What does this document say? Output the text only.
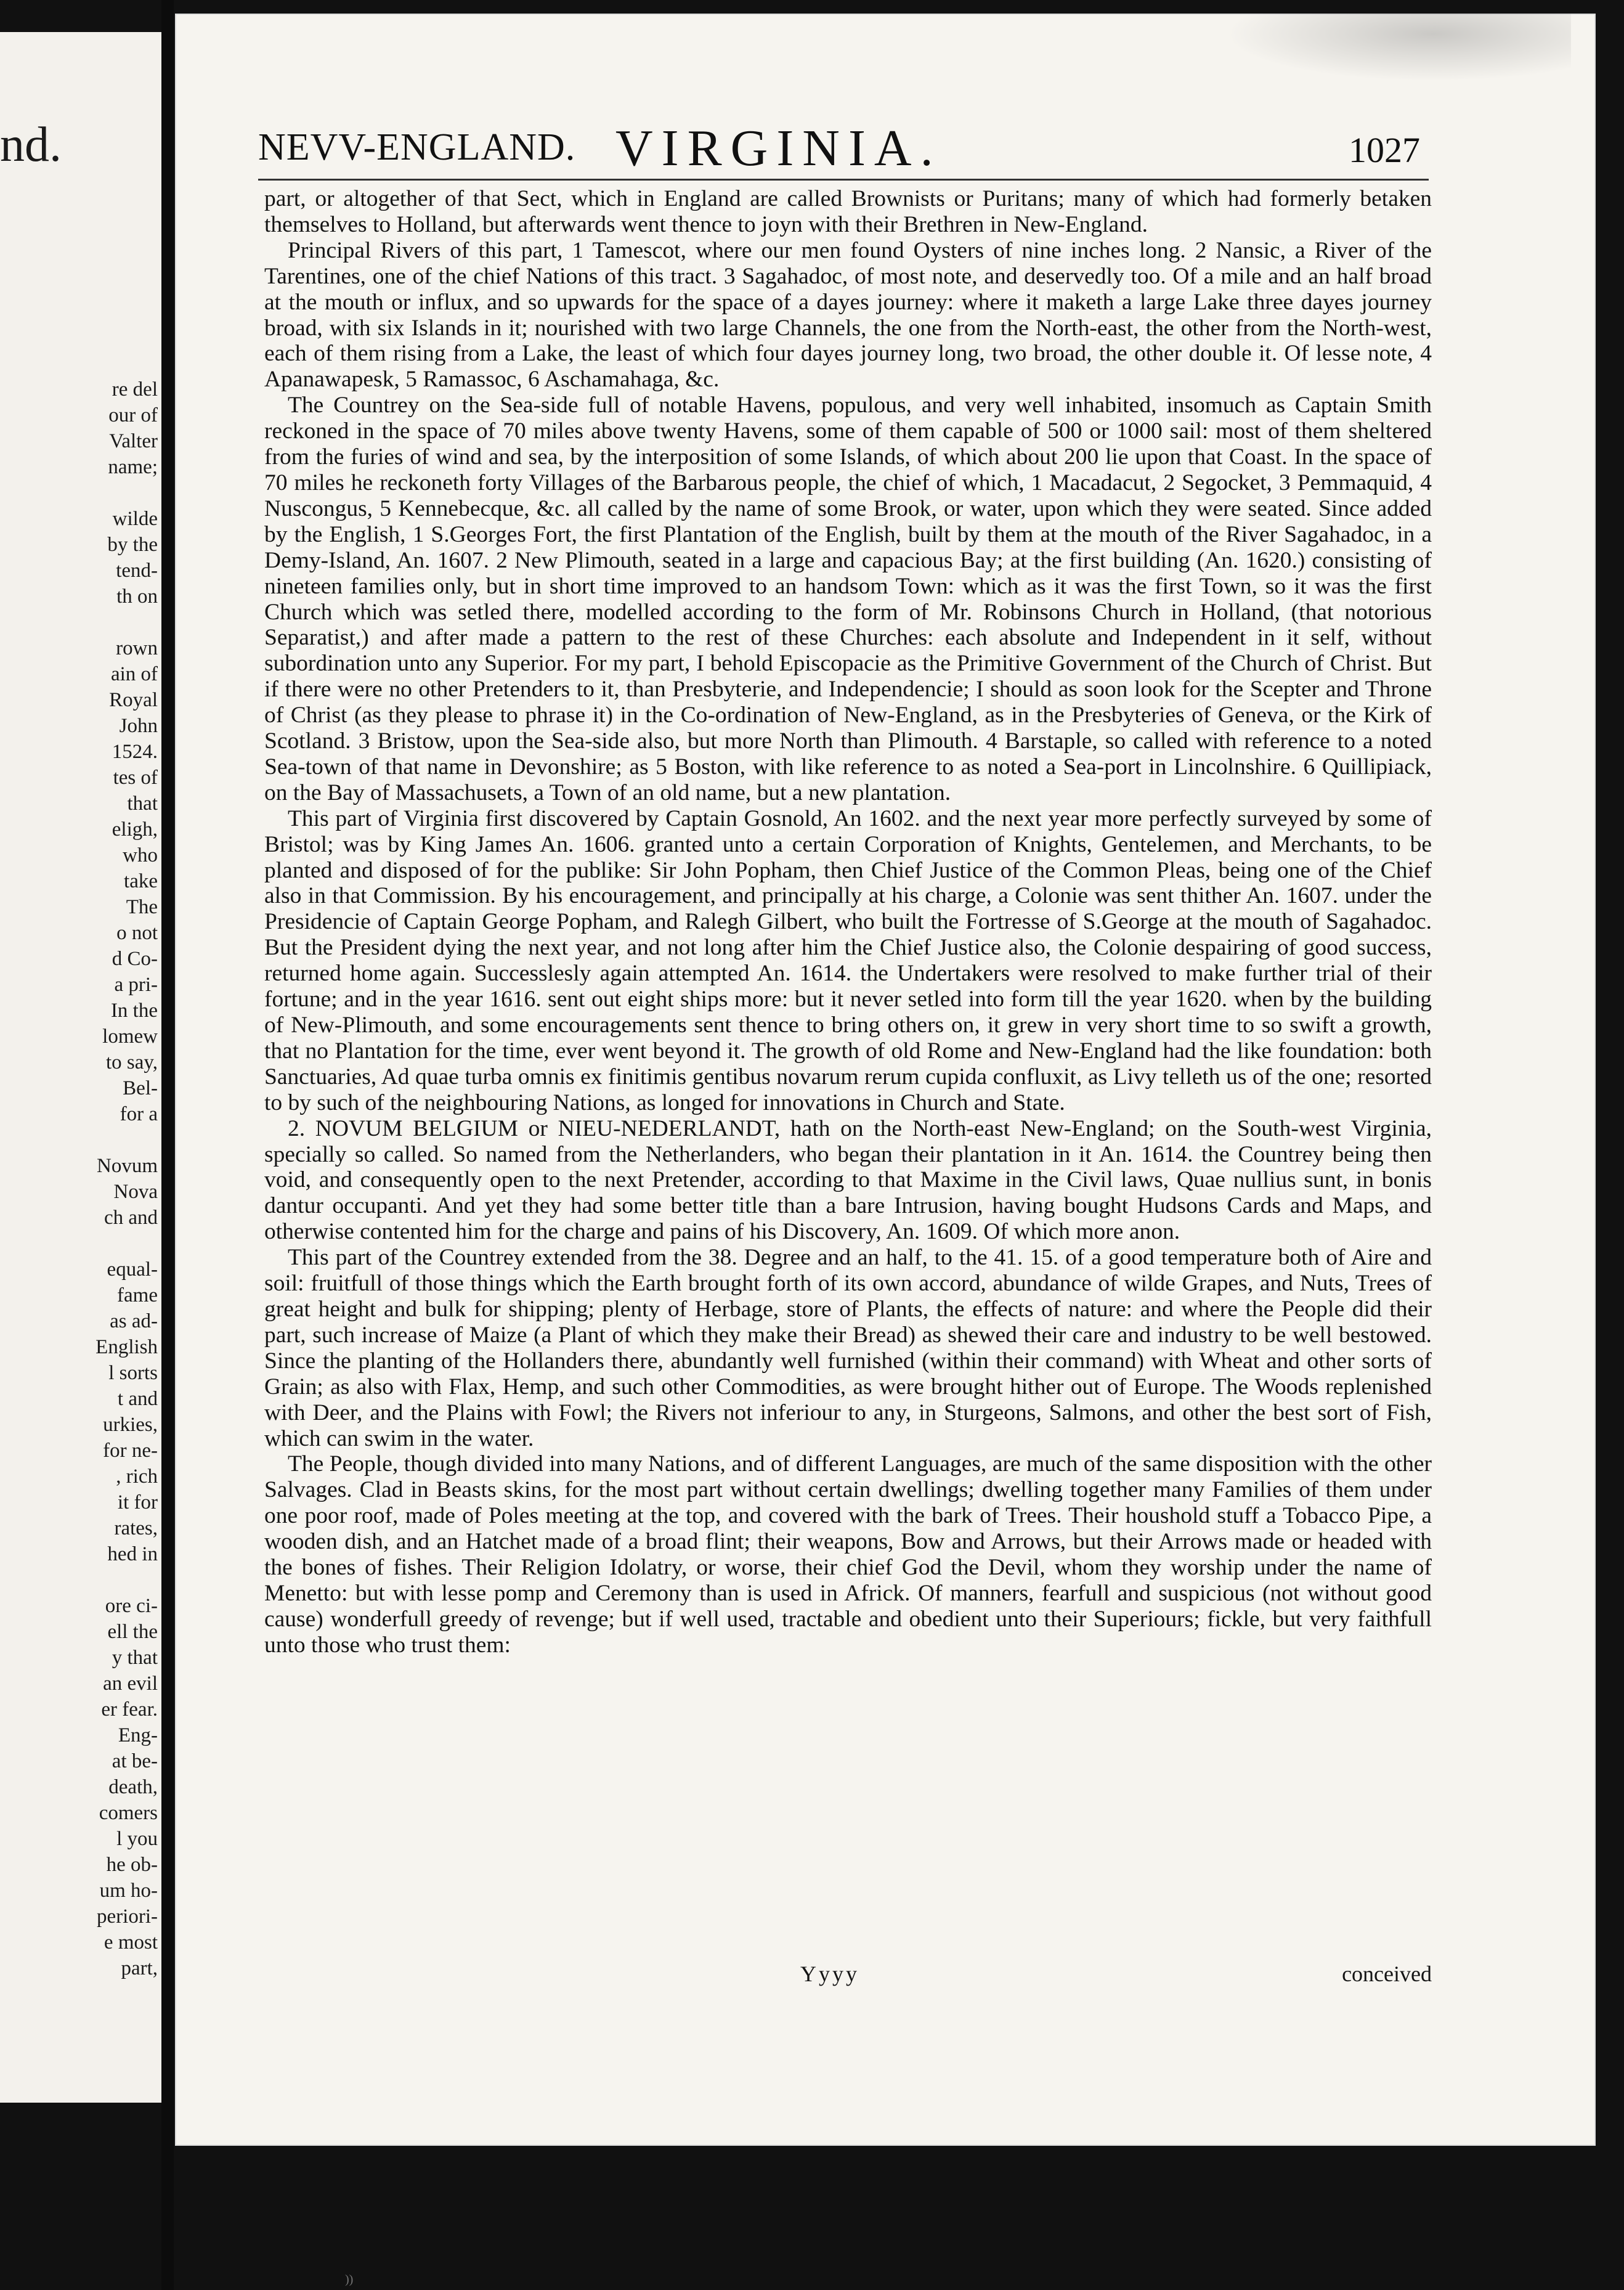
nd.
re del
our of
Valter
name;
wilde
by the
tend-
th on
rown
ain of
Royal
John
1524.
tes of
that
eligh,
who
take
The
o not
d Co-
a pri-
In the
lomew
to say,
Bel-
for a
Novum
Nova
ch and
equal-
fame
as ad-
English
l sorts
t and
urkies,
for ne-
, rich
it for
rates,
hed in
ore ci-
ell the
y that
an evil
er fear.
Eng-
at be-
death,
comers
l you
he ob-
um ho-
periori-
e most
part,
NEVV-ENGLAND. VIRGINIA.	1027

part, or altogether of that Sect, which in England are called Brownists or Puritans; many of which had formerly betaken themselves to Holland, but afterwards went thence to joyn with their Brethren in New-England.

Principal Rivers of this part, 1 Tamescot, where our men found Oysters of nine inches long. 2 Nansic, a River of the Tarentines, one of the chief Nations of this tract. 3 Sagahadoc, of most note, and deservedly too. Of a mile and an half broad at the mouth or influx, and so upwards for the space of a dayes journey: where it maketh a large Lake three dayes journey broad, with six Islands in it; nourished with two large Channels, the one from the North-east, the other from the North-west, each of them rising from a Lake, the least of which four dayes journey long, two broad, the other double it. Of lesse note, 4 Apanawapesk, 5 Ramassoc, 6 Aschamahaga, &c.

The Countrey on the Sea-side full of notable Havens, populous, and very well inhabited, insomuch as Captain Smith reckoned in the space of 70 miles above twenty Havens, some of them capable of 500 or 1000 sail: most of them sheltered from the furies of wind and sea, by the interposition of some Islands, of which about 200 lie upon that Coast. In the space of 70 miles he reckoneth forty Villages of the Barbarous people, the chief of which, 1 Macadacut, 2 Segocket, 3 Pemmaquid, 4 Nuscongus, 5 Kennebecque, &c. all called by the name of some Brook, or water, upon which they were seated. Since added by the English, 1 S.Georges Fort, the first Plantation of the English, built by them at the mouth of the River Sagahadoc, in a Demy-Island, An. 1607. 2 New Plimouth, seated in a large and capacious Bay; at the first building (An. 1620.) consisting of nineteen families only, but in short time improved to an handsom Town: which as it was the first Town, so it was the first Church which was setled there, modelled according to the form of Mr. Robinsons Church in Holland, (that notorious Separatist,) and after made a pattern to the rest of these Churches: each absolute and Independent in it self, without subordination unto any Superior. For my part, I behold Episcopacie as the Primitive Government of the Church of Christ. But if there were no other Pretenders to it, than Presbyterie, and Independencie; I should as soon look for the Scepter and Throne of Christ (as they please to phrase it) in the Co-ordination of New-England, as in the Presbyteries of Geneva, or the Kirk of Scotland. 3 Bristow, upon the Sea-side also, but more North than Plimouth. 4 Barstaple, so called with reference to a noted Sea-town of that name in Devonshire; as 5 Boston, with like reference to as noted a Sea-port in Lincolnshire. 6 Quillipiack, on the Bay of Massachusets, a Town of an old name, but a new plantation.

This part of Virginia first discovered by Captain Gosnold, An 1602. and the next year more perfectly surveyed by some of Bristol; was by King James An. 1606. granted unto a certain Corporation of Knights, Gentelemen, and Merchants, to be planted and disposed of for the publike: Sir John Popham, then Chief Justice of the Common Pleas, being one of the Chief also in that Commission. By his encouragement, and principally at his charge, a Colonie was sent thither An. 1607. under the Presidencie of Captain George Popham, and Ralegh Gilbert, who built the Fortresse of S.George at the mouth of Sagahadoc. But the President dying the next year, and not long after him the Chief Justice also, the Colonie despairing of good success, returned home again. Successlesly again attempted An. 1614. the Undertakers were resolved to make further trial of their fortune; and in the year 1616. sent out eight ships more: but it never setled into form till the year 1620. when by the building of New-Plimouth, and some encouragements sent thence to bring others on, it grew in very short time to so swift a growth, that no Plantation for the time, ever went beyond it. The growth of old Rome and New-England had the like foundation: both Sanctuaries, Ad quae turba omnis ex finitimis gentibus novarum rerum cupida confluxit, as Livy telleth us of the one; resorted to by such of the neighbouring Nations, as longed for innovations in Church and State.

2. NOVUM BELGIUM or NIEU-NEDERLANDT, hath on the North-east New-England; on the South-west Virginia, specially so called. So named from the Netherlanders, who began their plantation in it An. 1614. the Countrey being then void, and consequently open to the next Pretender, according to that Maxime in the Civil laws, Quae nullius sunt, in bonis dantur occupanti. And yet they had some better title than a bare Intrusion, having bought Hudsons Cards and Maps, and otherwise contented him for the charge and pains of his Discovery, An. 1609. Of which more anon.

This part of the Countrey extended from the 38. Degree and an half, to the 41. 15. of a good temperature both of Aire and soil: fruitfull of those things which the Earth brought forth of its own accord, abundance of wilde Grapes, and Nuts, Trees of great height and bulk for shipping; plenty of Herbage, store of Plants, the effects of nature: and where the People did their part, such increase of Maize (a Plant of which they make their Bread) as shewed their care and industry to be well bestowed. Since the planting of the Hollanders there, abundantly well furnished (within their command) with Wheat and other sorts of Grain; as also with Flax, Hemp, and such other Commodities, as were brought hither out of Europe. The Woods replenished with Deer, and the Plains with Fowl; the Rivers not inferiour to any, in Sturgeons, Salmons, and other the best sort of Fish, which can swim in the water.

The People, though divided into many Nations, and of different Languages, are much of the same disposition with the other Salvages. Clad in Beasts skins, for the most part without certain dwellings; dwelling together many Families of them under one poor roof, made of Poles meeting at the top, and covered with the bark of Trees. Their houshold stuff a Tobacco Pipe, a wooden dish, and an Hatchet made of a broad flint; their weapons, Bow and Arrows, but their Arrows made or headed with the bones of fishes. Their Religion Idolatry, or worse, their chief God the Devil, whom they worship under the name of Menetto: but with lesse pomp and Ceremony than is used in Africk. Of manners, fearfull and suspicious (not without good cause) wonderfull greedy of revenge; but if well used, tractable and obedient unto their Superiours; fickle, but very faithfull unto those who trust them:

Yyyy	conceived
))
